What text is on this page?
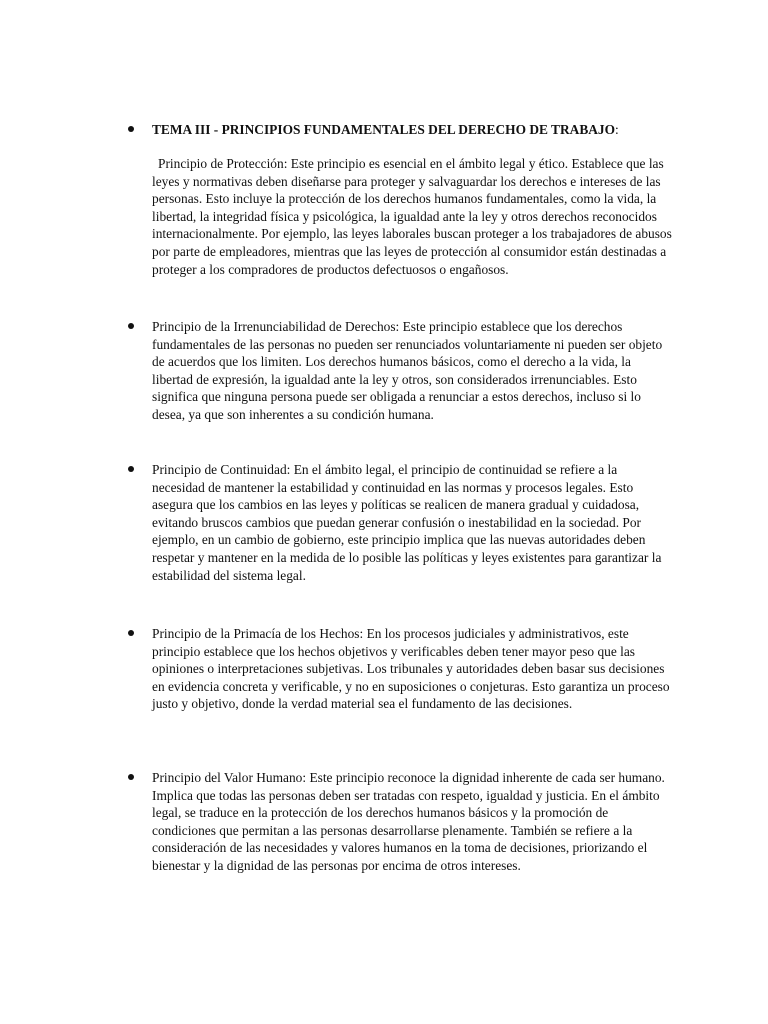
TEMA III - PRINCIPIOS FUNDAMENTALES DEL DERECHO DE TRABAJO:

Principio de Protección: Este principio es esencial en el ámbito legal y ético. Establece que las leyes y normativas deben diseñarse para proteger y salvaguardar los derechos e intereses de las personas. Esto incluye la protección de los derechos humanos fundamentales, como la vida, la libertad, la integridad física y psicológica, la igualdad ante la ley y otros derechos reconocidos internacionalmente. Por ejemplo, las leyes laborales buscan proteger a los trabajadores de abusos por parte de empleadores, mientras que las leyes de protección al consumidor están destinadas a proteger a los compradores de productos defectuosos o engañosos.

Principio de la Irrenunciabilidad de Derechos: Este principio establece que los derechos fundamentales de las personas no pueden ser renunciados voluntariamente ni pueden ser objeto de acuerdos que los limiten. Los derechos humanos básicos, como el derecho a la vida, la libertad de expresión, la igualdad ante la ley y otros, son considerados irrenunciables. Esto significa que ninguna persona puede ser obligada a renunciar a estos derechos, incluso si lo desea, ya que son inherentes a su condición humana.

Principio de Continuidad: En el ámbito legal, el principio de continuidad se refiere a la necesidad de mantener la estabilidad y continuidad en las normas y procesos legales. Esto asegura que los cambios en las leyes y políticas se realicen de manera gradual y cuidadosa, evitando bruscos cambios que puedan generar confusión o inestabilidad en la sociedad. Por ejemplo, en un cambio de gobierno, este principio implica que las nuevas autoridades deben respetar y mantener en la medida de lo posible las políticas y leyes existentes para garantizar la estabilidad del sistema legal.

Principio de la Primacía de los Hechos: En los procesos judiciales y administrativos, este principio establece que los hechos objetivos y verificables deben tener mayor peso que las opiniones o interpretaciones subjetivas. Los tribunales y autoridades deben basar sus decisiones en evidencia concreta y verificable, y no en suposiciones o conjeturas. Esto garantiza un proceso justo y objetivo, donde la verdad material sea el fundamento de las decisiones.

Principio del Valor Humano: Este principio reconoce la dignidad inherente de cada ser humano. Implica que todas las personas deben ser tratadas con respeto, igualdad y justicia. En el ámbito legal, se traduce en la protección de los derechos humanos básicos y la promoción de condiciones que permitan a las personas desarrollarse plenamente. También se refiere a la consideración de las necesidades y valores humanos en la toma de decisiones, priorizando el bienestar y la dignidad de las personas por encima de otros intereses.
